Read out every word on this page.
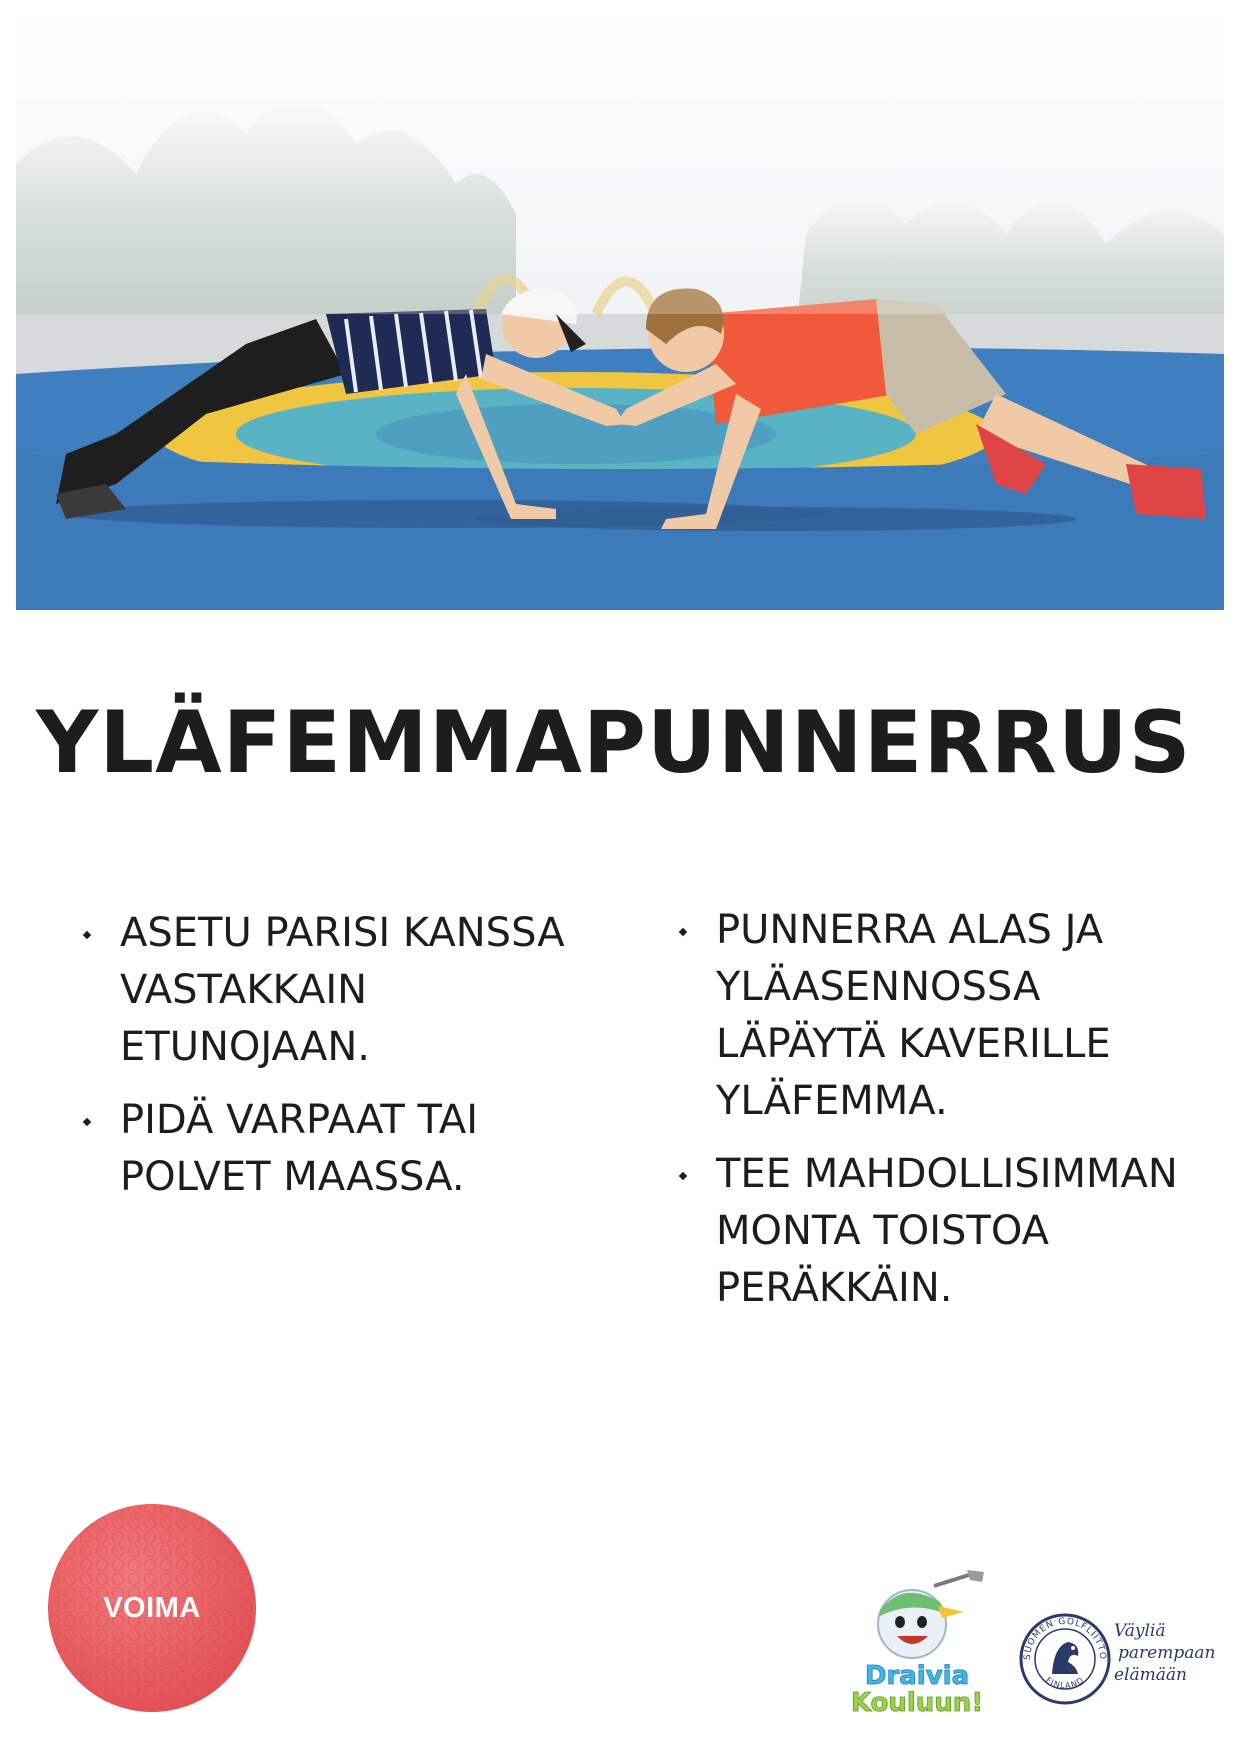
YLÄFEMMAPUNNERRUS
ASETU PARISI KANSSA VASTAKKAIN ETUNOJAAN.
PIDÄ VARPAAT TAI POLVET MAASSA.
PUNNERRA ALAS JA YLÄASENNOSSA LÄPÄYTÄ KAVERILLE YLÄFEMMA.
TEE MAHDOLLISIMMAN MONTA TOISTOA PERÄKKÄIN.
VOIMA
Draivia
Kouluun!
SUOMEN GOLFLIITTO
FINLAND
Väyliä
parempaan
elämään
